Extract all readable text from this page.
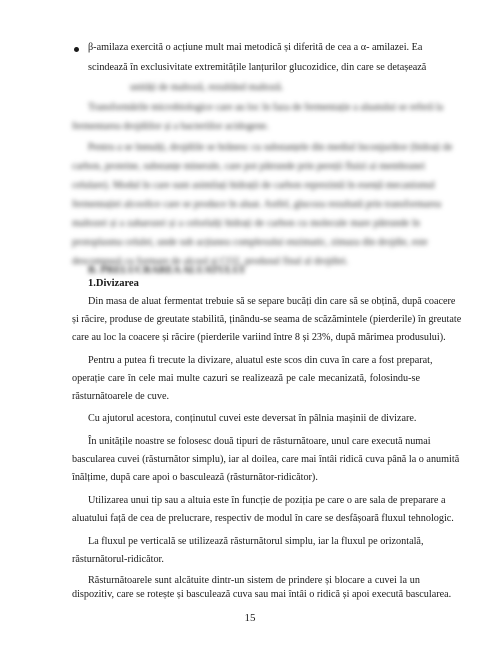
β-amilaza exercită o acțiune mult mai metodică și diferită de cea a α- amilazei. Ea
scindează în exclusivitate extremitățile lanțurilor glucozidice, din care se detașează
unități de maltoză, rezultând maltoză.
Transformările microbiologice care au loc în faza de fermentație a aluatului se referă la
fermentarea drojdiilor și a bacteriilor acidogene.
Pentru a se înmulți, drojdiile se hrănesc cu substanțele din mediul înconjurător (hidrați de
carbon, proteine, substanțe minerale, care pot pătrunde prin pereții fluizi ai membranei
celulare). Modul în care sunt asimilați hidrații de carbon reprezintă în esență mecanismul
fermentației alcoolice care se produce în aluat. Astfel, glucoza rezultată prin transformarea
maltozei și a zaharozei și a celorlalți hidrați de carbon cu molecule mare pătrunde în
protoplasma celulei, unde sub acțiunea complexului enzimatic, zimaza din drojdie, este
descompusă cu formare de alcool și CO2, produsul final al drojdiei.
B. PRELUCRAREA ALUATULUI
1.Divizarea
Din masa de aluat fermentat trebuie să se separe bucăți din care să se obțină, după coacere
și răcire, produse de greutate stabilită, ținându-se seama de scăzămintele (pierderile) în greutate
care au loc la coacere și răcire (pierderile variind între 8 și 23%, după mărimea produsului).
Pentru a putea fi trecute la divizare, aluatul este scos din cuva în care a fost preparat,
operație care în cele mai multe cazuri se realizează pe cale mecanizată, folosindu-se
răsturnătoarele de cuve.
Cu ajutorul acestora, conținutul cuvei este deversat în pâlnia mașinii de divizare.
În unitățile noastre se folosesc două tipuri de răsturnătoare, unul care execută numai
bascularea cuvei (răsturnător simplu), iar al doilea, care mai întâi ridică cuva până la o anumită
înălțime, după care apoi o basculează (răsturnător-ridicător).
Utilizarea unui tip sau a altuia este în funcție de poziția pe care o are sala de preparare a
aluatului față de cea de prelucrare, respectiv de modul în care se desfășoară fluxul tehnologic.
La fluxul pe verticală se utilizează răsturnătorul simplu, iar la fluxul pe orizontală,
răsturnătorul-ridicător.
Răsturnătoarele sunt alcătuite dintr-un sistem de prindere și blocare a cuvei la un
dispozitiv, care se rotește și basculează cuva sau mai întâi o ridică și apoi execută bascularea.
15
